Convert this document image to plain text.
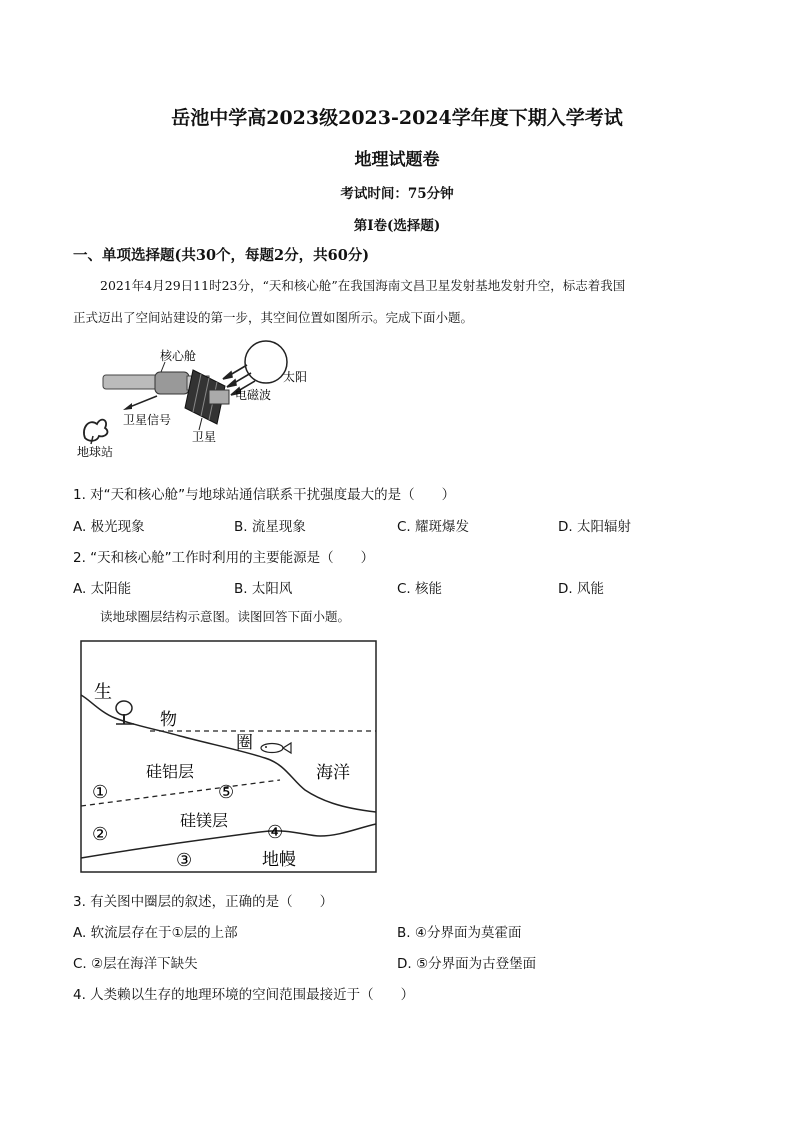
岳池中学高2023级2023-2024学年度下期入学考试
地理试题卷
考试时间：75分钟
第Ⅰ卷(选择题)
一、单项选择题(共30个，每题2分，共60分)
2021年4月29日11时23分，“天和核心舱”在我国海南文昌卫星发射基地发射升空，标志着我国
正式迈出了空间站建设的第一步，其空间位置如图所示。完成下面小题。
核心舱
太阳
电磁波
卫星信号
卫星
地球站
1. 对“天和核心舱”与地球站通信联系干扰强度最大的是（　　）
A. 极光现象	B. 流星现象	C. 耀斑爆发	D. 太阳辐射
2. “天和核心舱”工作时利用的主要能源是（　　）
A. 太阳能	B. 太阳风	C. 核能	D. 风能
读地球圈层结构示意图。读图回答下面小题。
生
物
圈
硅铝层	海洋
硅镁层
地幔
①
②
③
④
⑤
3. 有关图中圈层的叙述，正确的是（　　）
A. 软流层存在于①层的上部	B. ④分界面为莫霍面
C. ②层在海洋下缺失	D. ⑤分界面为古登堡面
4. 人类赖以生存的地理环境的空间范围最接近于（　　）
